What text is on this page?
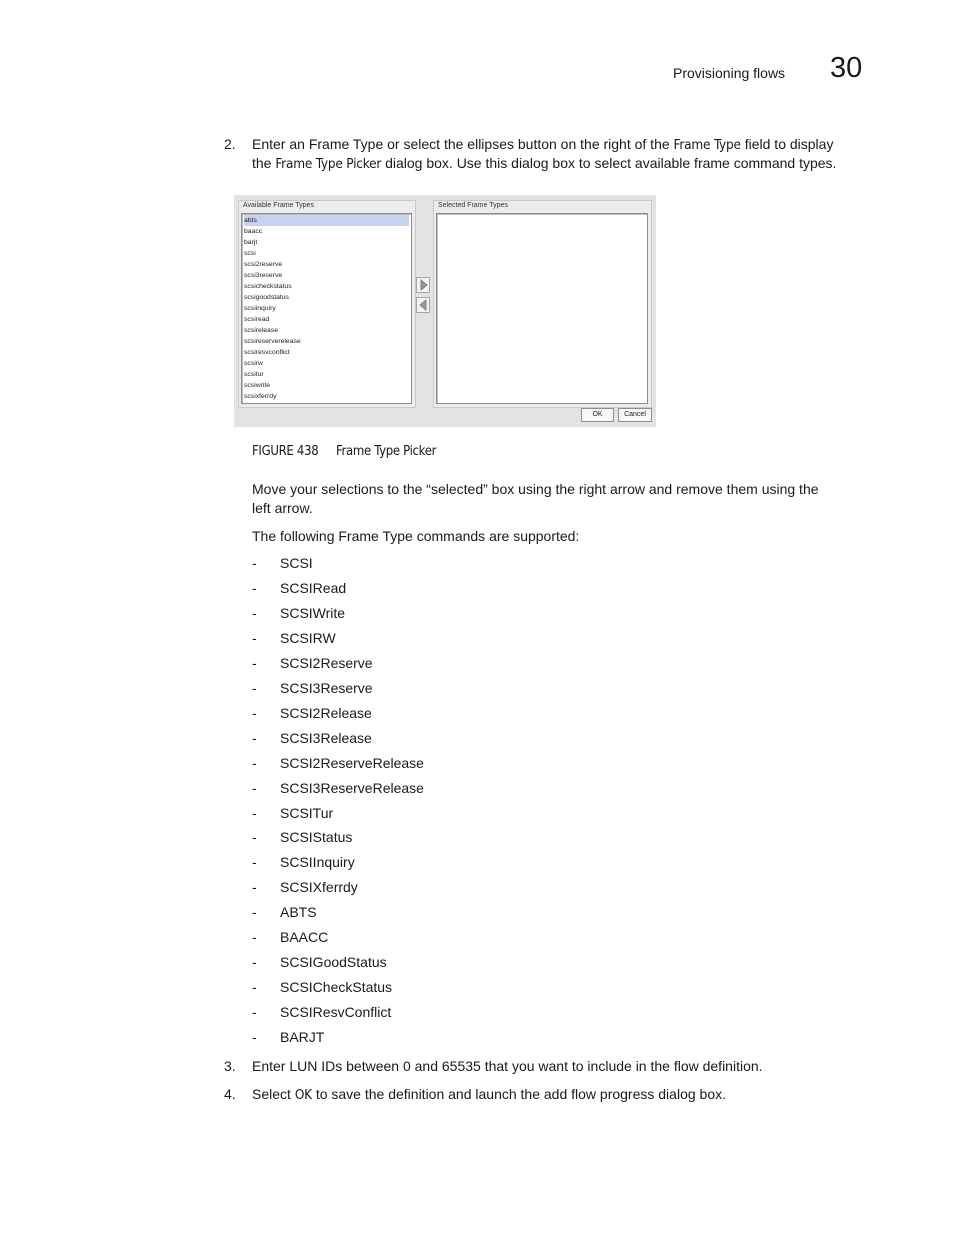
Provisioning flows 30
2. Enter an Frame Type or select the ellipses button on the right of the Frame Type field to display
the Frame Type Picker dialog box. Use this dialog box to select available frame command types.
Available Frame Types
abts
baacc
barjt
scsi
scsi2reserve
scsi3reserve
scsicheckstatus
scsigoodstatus
scsiinquiry
scsiread
scsirelease
scsireserverelease
scsiresvconflict
scsirw
scsitur
scsiwrite
scsixferrdy
Selected Frame Types
OK	Cancel
FIGURE 438 Frame Type Picker
Move your selections to the “selected” box using the right arrow and remove them using the
left arrow.
The following Frame Type commands are supported:
- SCSI
- SCSIRead
- SCSIWrite
- SCSIRW
- SCSI2Reserve
- SCSI3Reserve
- SCSI2Release
- SCSI3Release
- SCSI2ReserveRelease
- SCSI3ReserveRelease
- SCSITur
- SCSIStatus
- SCSIInquiry
- SCSIXferrdy
- ABTS
- BAACC
- SCSIGoodStatus
- SCSICheckStatus
- SCSIResvConflict
- BARJT
3. Enter LUN IDs between 0 and 65535 that you want to include in the flow definition.
4. Select OK to save the definition and launch the add flow progress dialog box.
